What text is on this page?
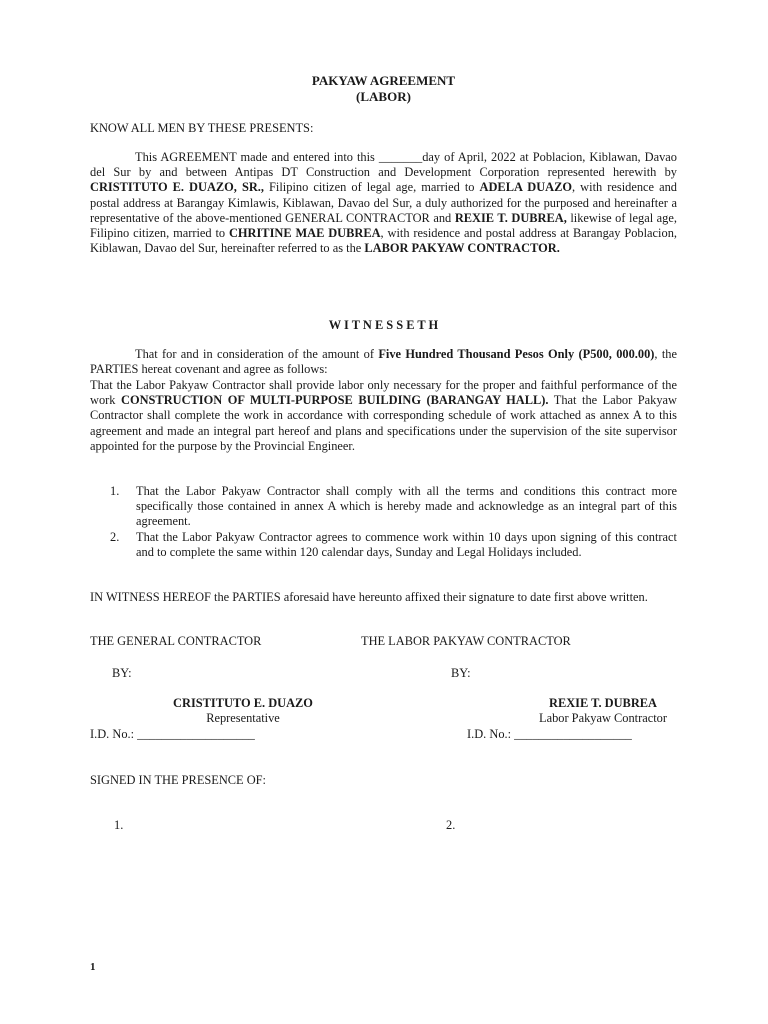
PAKYAW AGREEMENT
(LABOR)
KNOW ALL MEN BY THESE PRESENTS:
This AGREEMENT made and entered into this _______day of April, 2022 at Poblacion, Kiblawan, Davao del Sur by and between Antipas DT Construction and Development Corporation represented herewith by CRISTITUTO E. DUAZO, SR., Filipino citizen of legal age, married to ADELA DUAZO, with residence and postal address at Barangay Kimlawis, Kiblawan, Davao del Sur, a duly authorized for the purposed and hereinafter a representative of the above-mentioned GENERAL CONTRACTOR and REXIE T. DUBREA, likewise of legal age, Filipino citizen, married to CHRITINE MAE DUBREA, with residence and postal address at Barangay Poblacion, Kiblawan, Davao del Sur, hereinafter referred to as the LABOR PAKYAW CONTRACTOR.
W I T N E S S E T H
That for and in consideration of the amount of Five Hundred Thousand Pesos Only (P500, 000.00), the PARTIES hereat covenant and agree as follows:
That the Labor Pakyaw Contractor shall provide labor only necessary for the proper and faithful performance of the work CONSTRUCTION OF MULTI-PURPOSE BUILDING (BARANGAY HALL). That the Labor Pakyaw Contractor shall complete the work in accordance with corresponding schedule of work attached as annex A to this agreement and made an integral part hereof and plans and specifications under the supervision of the site supervisor appointed for the purpose by the Provincial Engineer.
1. That the Labor Pakyaw Contractor shall comply with all the terms and conditions this contract more specifically those contained in annex A which is hereby made and acknowledge as an integral part of this agreement.
2. That the Labor Pakyaw Contractor agrees to commence work within 10 days upon signing of this contract and to complete the same within 120 calendar days, Sunday and Legal Holidays included.
IN WITNESS HEREOF the PARTIES aforesaid have hereunto affixed their signature to date first above written.
THE GENERAL CONTRACTOR	THE LABOR PAKYAW CONTRACTOR
BY:	BY:
CRISTITUTO E. DUAZO	REXIE T. DUBREA
Representative	Labor Pakyaw Contractor
I.D. No.: ___________________	I.D. No.: ___________________
SIGNED IN THE PRESENCE OF:
1.	2.
1
